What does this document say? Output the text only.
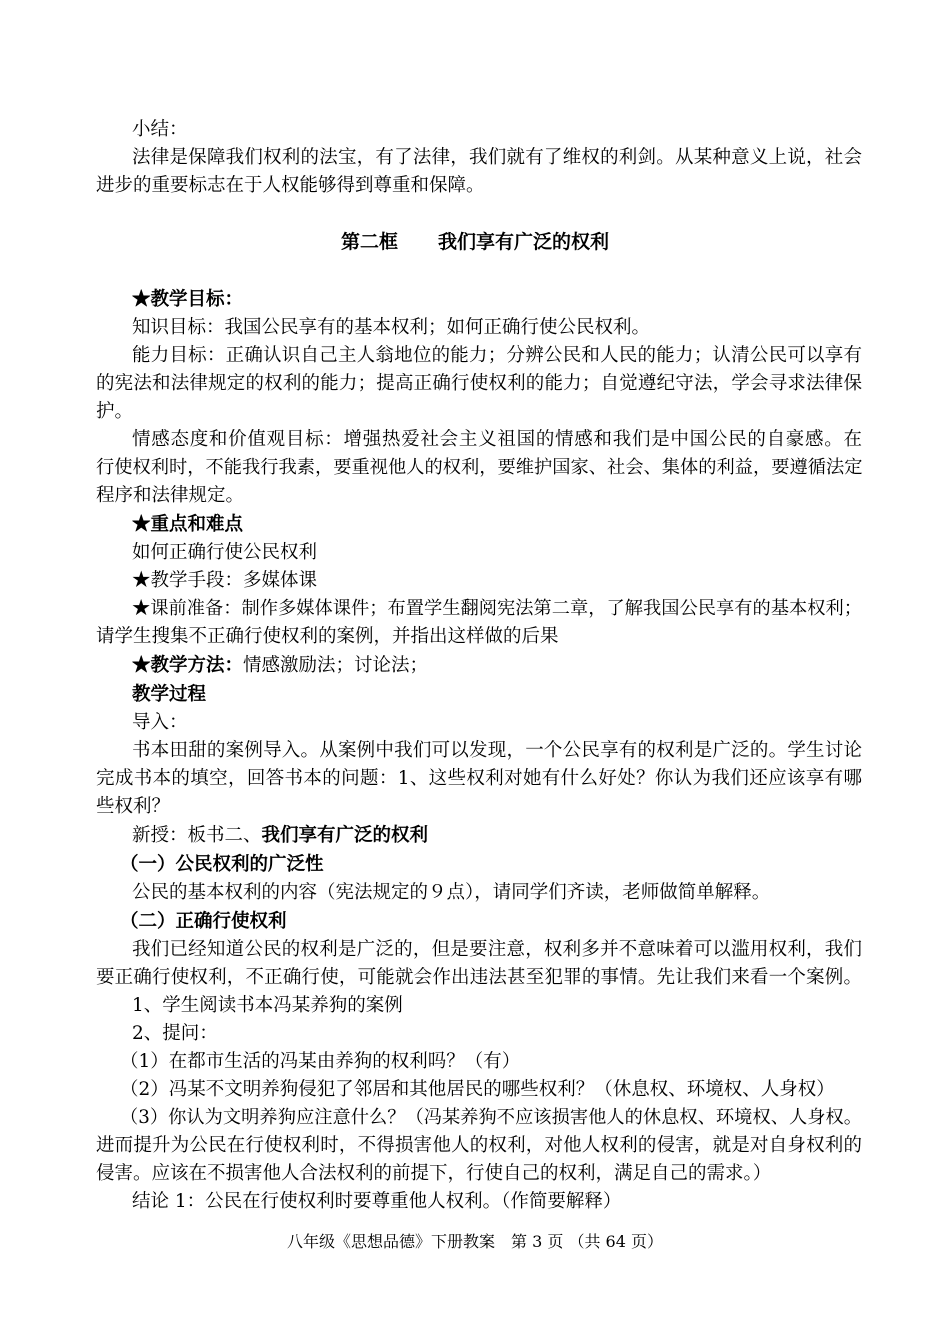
小结：
法律是保障我们权利的法宝，有了法律，我们就有了维权的利剑。从某种意义上说，社会
进步的重要标志在于人权能够得到尊重和保障。
第二框 我们享有广泛的权利
★教学目标：
知识目标：我国公民享有的基本权利；如何正确行使公民权利。
能力目标：正确认识自己主人翁地位的能力；分辨公民和人民的能力；认清公民可以享有
的宪法和法律规定的权利的能力；提高正确行使权利的能力；自觉遵纪守法，学会寻求法律保
护。
情感态度和价值观目标：增强热爱社会主义祖国的情感和我们是中国公民的自豪感。在
行使权利时，不能我行我素，要重视他人的权利，要维护国家、社会、集体的利益，要遵循法定
程序和法律规定。
★重点和难点
如何正确行使公民权利
★教学手段：多媒体课
★课前准备：制作多媒体课件；布置学生翻阅宪法第二章，了解我国公民享有的基本权利；
请学生搜集不正确行使权利的案例，并指出这样做的后果
★教学方法：情感激励法；讨论法；
教学过程
导入：
书本田甜的案例导入。从案例中我们可以发现，一个公民享有的权利是广泛的。学生讨论
完成书本的填空，回答书本的问题：1、这些权利对她有什么好处？你认为我们还应该享有哪
些权利？
新授：板书二、我们享有广泛的权利
（一）公民权利的广泛性
公民的基本权利的内容（宪法规定的９点），请同学们齐读，老师做简单解释。
（二）正确行使权利
我们已经知道公民的权利是广泛的，但是要注意，权利多并不意味着可以滥用权利，我们
要正确行使权利，不正确行使，可能就会作出违法甚至犯罪的事情。先让我们来看一个案例。
1、学生阅读书本冯某养狗的案例
2、提问：
（1）在都市生活的冯某由养狗的权利吗？（有）
（2）冯某不文明养狗侵犯了邻居和其他居民的哪些权利？（休息权、环境权、人身权）
（3）你认为文明养狗应注意什么？（冯某养狗不应该损害他人的休息权、环境权、人身权。
进而提升为公民在行使权利时，不得损害他人的权利，对他人权利的侵害，就是对自身权利的
侵害。应该在不损害他人合法权利的前提下，行使自己的权利，满足自己的需求。）
结论 1：公民在行使权利时要尊重他人权利。（作简要解释）
八年级《思想品德》下册教案　第 3 页 （共 64 页）
